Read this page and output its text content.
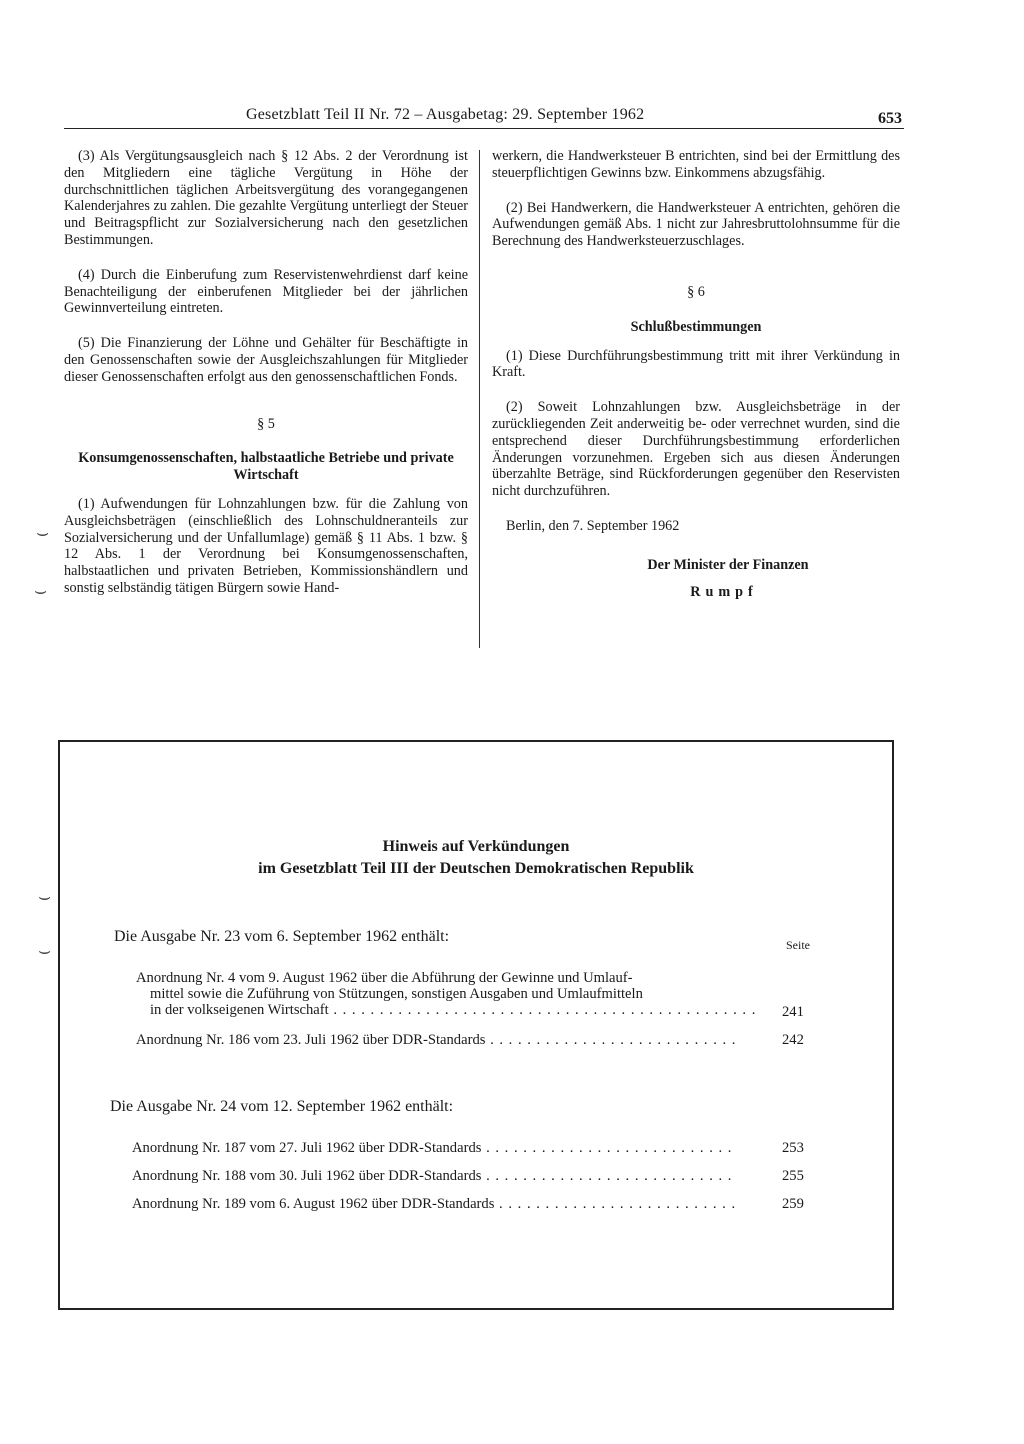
Gesetzblatt Teil II Nr. 72 – Ausgabetag: 29. September 1962	653

(3) Als Vergütungsausgleich nach § 12 Abs. 2 der Verordnung ist den Mitgliedern eine tägliche Vergütung in Höhe der durchschnittlichen täglichen Arbeitsvergütung des vorangegangenen Kalenderjahres zu zahlen. Die gezahlte Vergütung unterliegt der Steuer und Beitragspflicht zur Sozialversicherung nach den gesetzlichen Bestimmungen.

(4) Durch die Einberufung zum Reservistenwehrdienst darf keine Benachteiligung der einberufenen Mitglieder bei der jährlichen Gewinnverteilung eintreten.

(5) Die Finanzierung der Löhne und Gehälter für Beschäftigte in den Genossenschaften sowie der Ausgleichszahlungen für Mitglieder dieser Genossenschaften erfolgt aus den genossenschaftlichen Fonds.

§ 5
Konsumgenossenschaften, halbstaatliche Betriebe und private Wirtschaft

(1) Aufwendungen für Lohnzahlungen bzw. für die Zahlung von Ausgleichsbeträgen (einschließlich des Lohnschuldneranteils zur Sozialversicherung und der Unfallumlage) gemäß § 11 Abs. 1 bzw. § 12 Abs. 1 der Verordnung bei Konsumgenossenschaften, halbstaatlichen und privaten Betrieben, Kommissionshändlern und sonstig selbständig tätigen Bürgern sowie Hand-

werkern, die Handwerksteuer B entrichten, sind bei der Ermittlung des steuerpflichtigen Gewinns bzw. Einkommens abzugsfähig.

(2) Bei Handwerkern, die Handwerksteuer A entrichten, gehören die Aufwendungen gemäß Abs. 1 nicht zur Jahresbruttolohnsumme für die Berechnung des Handwerksteuerzuschlages.

§ 6
Schlußbestimmungen

(1) Diese Durchführungsbestimmung tritt mit ihrer Verkündung in Kraft.

(2) Soweit Lohnzahlungen bzw. Ausgleichsbeträge in der zurückliegenden Zeit anderweitig be- oder verrechnet wurden, sind die entsprechend dieser Durchführungsbestimmung erforderlichen Änderungen vorzunehmen. Ergeben sich aus diesen Änderungen überzahlte Beträge, sind Rückforderungen gegenüber den Reservisten nicht durchzuführen.

Berlin, den 7. September 1962
Der Minister der Finanzen
Rumpf
Hinweis auf Verkündungen
im Gesetzblatt Teil III der Deutschen Demokratischen Republik
Die Ausgabe Nr. 23 vom 6. September 1962 enthält:	Seite
Anordnung Nr. 4 vom 9. August 1962 über die Abführung der Gewinne und Umlauf-
mittel sowie die Zuführung von Stützungen, sonstigen Ausgaben und Umlaufmitteln
in der volkseigenen Wirtschaft . . . . . . . . . . . . . . . . . . . . . . . . . . . . . . . . . . . . . . . . . . . . . .	241
Anordnung Nr. 186 vom 23. Juli 1962 über DDR-Standards . . . . . . . . . . . . . . . . . . . . . . . . . . .	242
Die Ausgabe Nr. 24 vom 12. September 1962 enthält:
Anordnung Nr. 187 vom 27. Juli 1962 über DDR-Standards . . . . . . . . . . . . . . . . . . . . . . . . . . .	253
Anordnung Nr. 188 vom 30. Juli 1962 über DDR-Standards . . . . . . . . . . . . . . . . . . . . . . . . . . .	255
Anordnung Nr. 189 vom 6. August 1962 über DDR-Standards . . . . . . . . . . . . . . . . . . . . . . . . . .	259
⌣
⌣
⌣
⌣
